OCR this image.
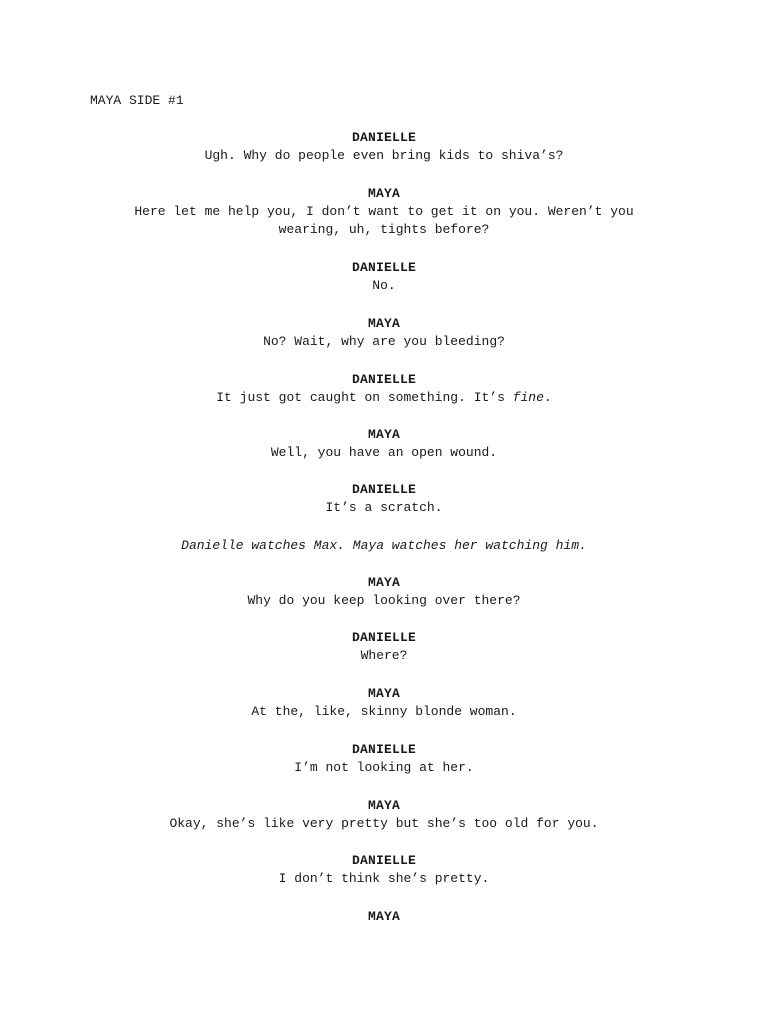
MAYA SIDE #1
DANIELLE
Ugh. Why do people even bring kids to shiva’s?
MAYA
Here let me help you, I don’t want to get it on you. Weren’t you
wearing, uh, tights before?
DANIELLE
No.
MAYA
No? Wait, why are you bleeding?
DANIELLE
It just got caught on something. It’s fine.
MAYA
Well, you have an open wound.
DANIELLE
It’s a scratch.
Danielle watches Max. Maya watches her watching him.
MAYA
Why do you keep looking over there?
DANIELLE
Where?
MAYA
At the, like, skinny blonde woman.
DANIELLE
I’m not looking at her.
MAYA
Okay, she’s like very pretty but she’s too old for you.
DANIELLE
I don’t think she’s pretty.
MAYA
